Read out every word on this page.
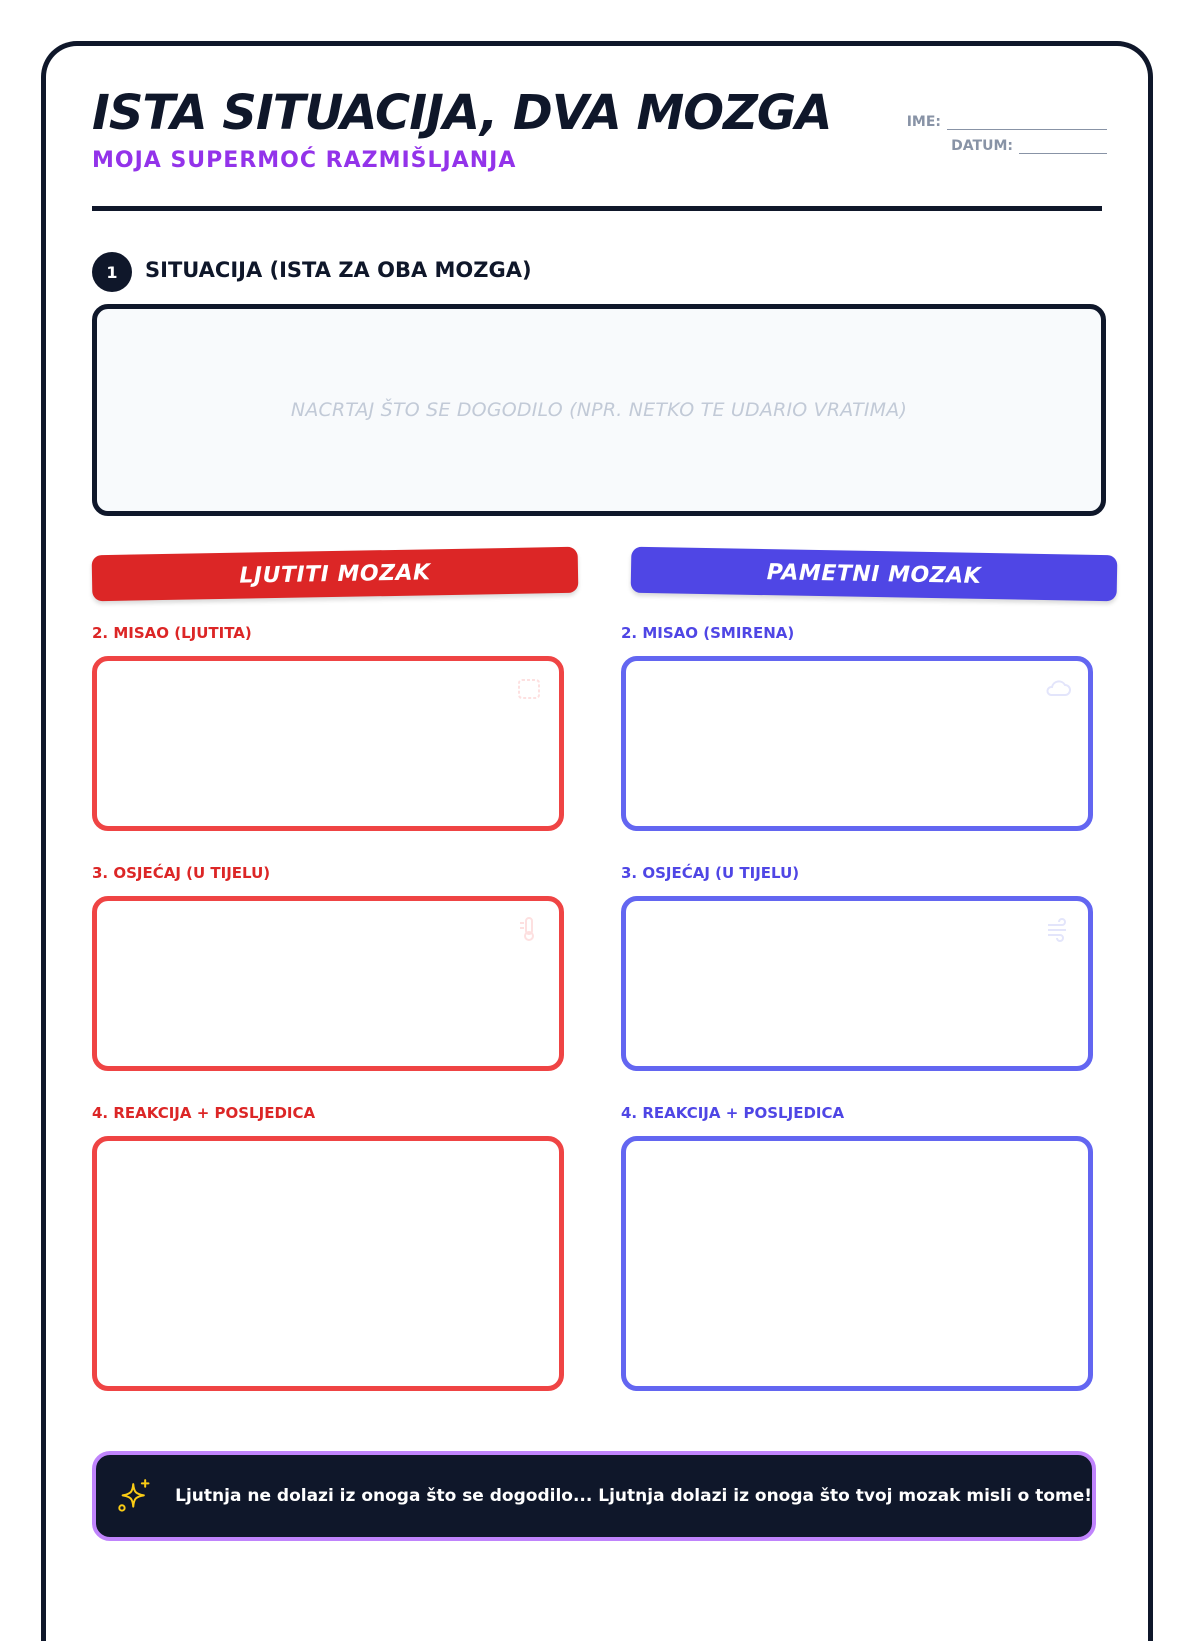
ISTA SITUACIJA, DVA MOZGA
MOJA SUPERMOĆ RAZMIŠLJANJA
IME:
DATUM:
1	SITUACIJA (ISTA ZA OBA MOZGA)
NACRTAJ ŠTO SE DOGODILO (NPR. NETKO TE UDARIO VRATIMA)
LJUTITI MOZAK	PAMETNI MOZAK
2. MISAO (LJUTITA)
3. OSJEĆAJ (U TIJELU)
4. REAKCIJA + POSLJEDICA
2. MISAO (SMIRENA)
3. OSJEĆAJ (U TIJELU)
4. REAKCIJA + POSLJEDICA
Ljutnja ne dolazi iz onoga što se dogodilo... Ljutnja dolazi iz onoga što tvoj mozak misli o tome!
